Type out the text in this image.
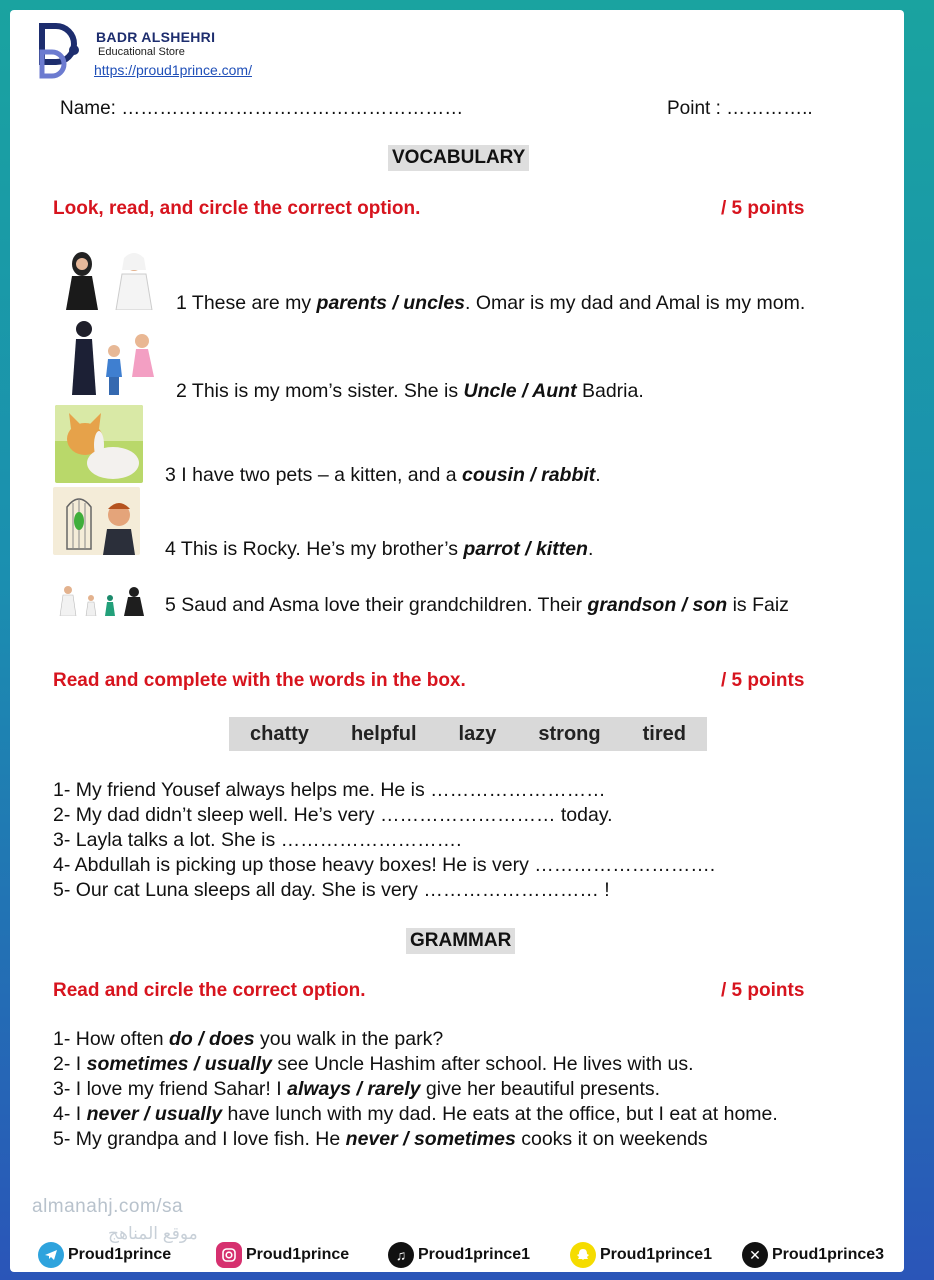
BADR ALSHEHRI
Educational Store
https://proud1prince.com/
Name: ………………………………………………	Point : …………..
VOCABULARY
Look, read, and circle the correct option.	/ 5 points
1 These are my parents / uncles. Omar is my dad and Amal is my mom.
2 This is my mom’s sister. She is Uncle / Aunt Badria.
3 I have two pets – a kitten, and a cousin / rabbit.
4 This is Rocky. He’s my brother’s parrot / kitten.
5 Saud and Asma love their grandchildren. Their grandson / son is Faiz
Read and complete with the words in the box.	/ 5 points
chatty helpful lazy strong tired
1- My friend Yousef always helps me. He is ………………………
2- My dad didn’t sleep well. He’s very ……………………… today.
3- Layla talks a lot. She is ……………………….
4- Abdullah is picking up those heavy boxes! He is very ……………………….
5- Our cat Luna sleeps all day. She is very ……………………… !
GRAMMAR
Read and circle the correct option.	/ 5 points
1- How often do / does you walk in the park?
2- I sometimes / usually see Uncle Hashim after school. He lives with us.
3- I love my friend Sahar! I always / rarely give her beautiful presents.
4- I never / usually have lunch with my dad. He eats at the office, but I eat at home.
5- My grandpa and I love fish. He never / sometimes cooks it on weekends
almanahj.com/sa
موقع المناهج
Proud1prince	Proud1prince	♫ Proud1prince1	Proud1prince1	✕ Proud1prince3
